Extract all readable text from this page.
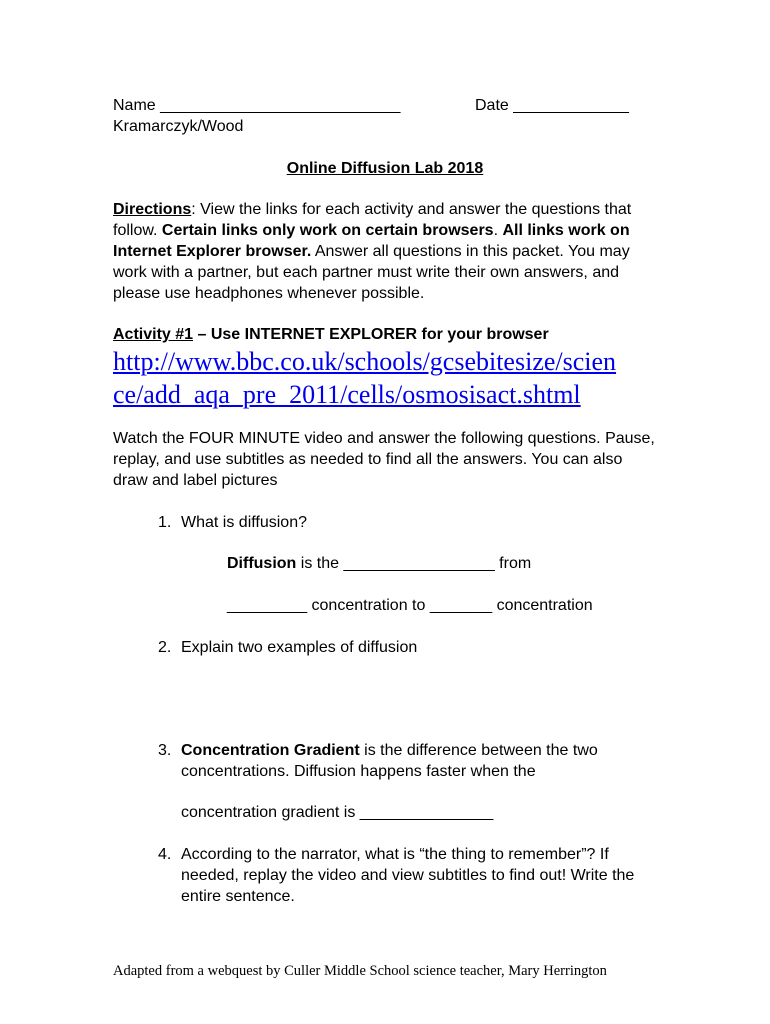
Name ___________________________	Date _____________
Kramarczyk/Wood
Online Diffusion Lab 2018
Directions: View the links for each activity and answer the questions that follow. Certain links only work on certain browsers. All links work on Internet Explorer browser. Answer all questions in this packet. You may work with a partner, but each partner must write their own answers, and please use headphones whenever possible.
Activity #1 – Use INTERNET EXPLORER for your browser
http://www.bbc.co.uk/schools/gcsebitesize/scien
ce/add_aqa_pre_2011/cells/osmosisact.shtml
Watch the FOUR MINUTE video and answer the following questions. Pause, replay, and use subtitles as needed to find all the answers. You can also draw and label pictures
1. What is diffusion?
Diffusion is the _________________ from
_________ concentration to _______ concentration
2. Explain two examples of diffusion
3. Concentration Gradient is the difference between the two concentrations. Diffusion happens faster when the
concentration gradient is _______________
4. According to the narrator, what is “the thing to remember”? If needed, replay the video and view subtitles to find out! Write the entire sentence.
Adapted from a webquest by Culler Middle School science teacher, Mary Herrington
